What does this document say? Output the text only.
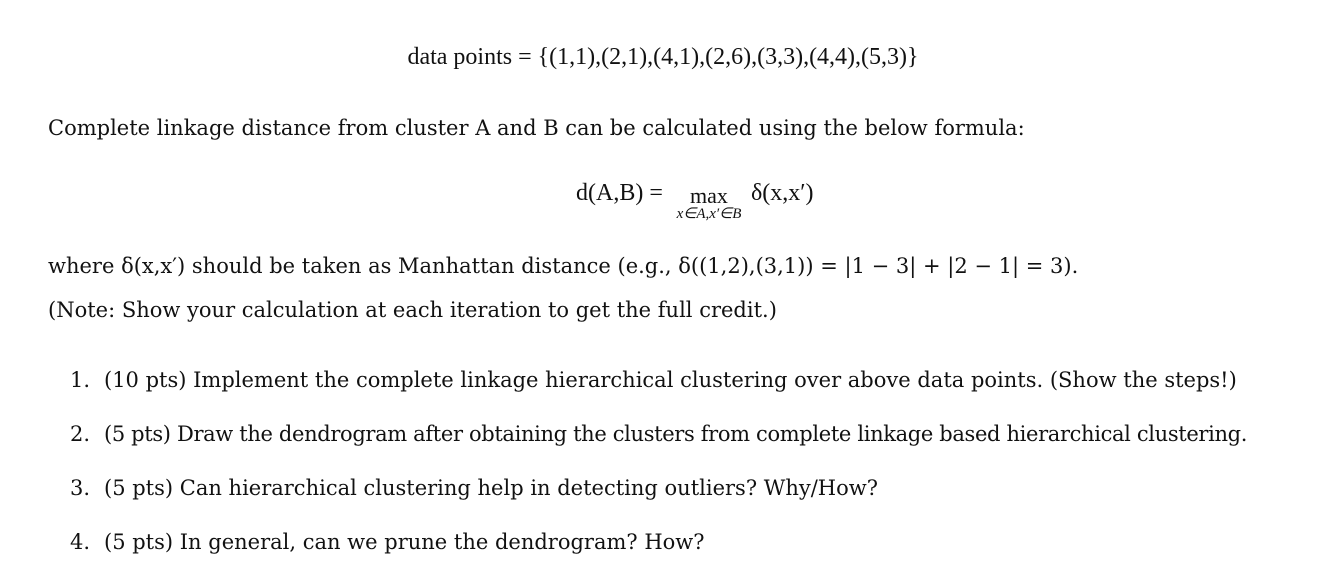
data points = {(1,1),(2,1),(4,1),(2,6),(3,3),(4,4),(5,3)}
Complete linkage distance from cluster A and B can be calculated using the below formula:
d(A,B) =	max
x∈A,x′∈B
δ(x,x′)
where δ(x,x′) should be taken as Manhattan distance (e.g., δ((1,2),(3,1)) = |1 − 3| + |2 − 1| = 3).
(Note: Show your calculation at each iteration to get the full credit.)
1. (10 pts) Implement the complete linkage hierarchical clustering over above data points. (Show the steps!)
2. (5 pts) Draw the dendrogram after obtaining the clusters from complete linkage based hierarchical clustering.
3. (5 pts) Can hierarchical clustering help in detecting outliers? Why/How?
4. (5 pts) In general, can we prune the dendrogram? How?
